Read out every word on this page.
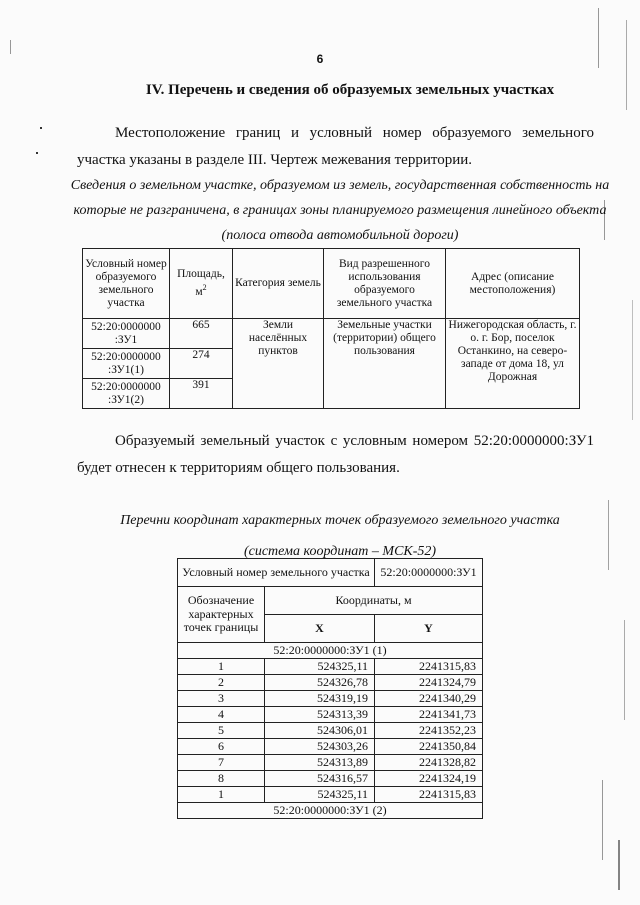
6
IV. Перечень и сведения об образуемых земельных участках
Местоположение границ и условный номер образуемого земельного участка указаны в разделе III. Чертеж межевания территории.
Сведения о земельном участке, образуемом из земель, государственная собственность на которые не разграничена, в границах зоны планируемого размещения линейного объекта (полоса отвода автомобильной дороги)
Условный номер образуемого земельного участка	Площадь, $м^2$	Категория земель	Вид разрешенного использования образуемого земельного участка	Адрес (описание местоположения)
52:20:0000000 :ЗУ1	665	Земли населённых пунктов	Земельные участки (территории) общего пользования	Нижегородская область, г. о. г. Бор, поселок Останкино, на северо-западе от дома 18, ул Дорожная
52:20:0000000 :ЗУ1(1)	274			
52:20:0000000 :ЗУ1(2)	391			
Образуемый земельный участок с условным номером 52:20:0000000:ЗУ1 будет отнесен к территориям общего пользования.
Перечни координат характерных точек образуемого земельного участка
(система координат – МСК-52)
Условный номер земельного участка		52:20:0000000:ЗУ1
Обозначение характерных точек границы	Координаты, м	
	X	Y
52:20:0000000:ЗУ1 (1)		
1	524325,11	2241315,83
2	524326,78	2241324,79
3	524319,19	2241340,29
4	524313,39	2241341,73
5	524306,01	2241352,23
6	524303,26	2241350,84
7	524313,89	2241328,82
8	524316,57	2241324,19
1	524325,11	2241315,83
52:20:0000000:ЗУ1 (2)		
